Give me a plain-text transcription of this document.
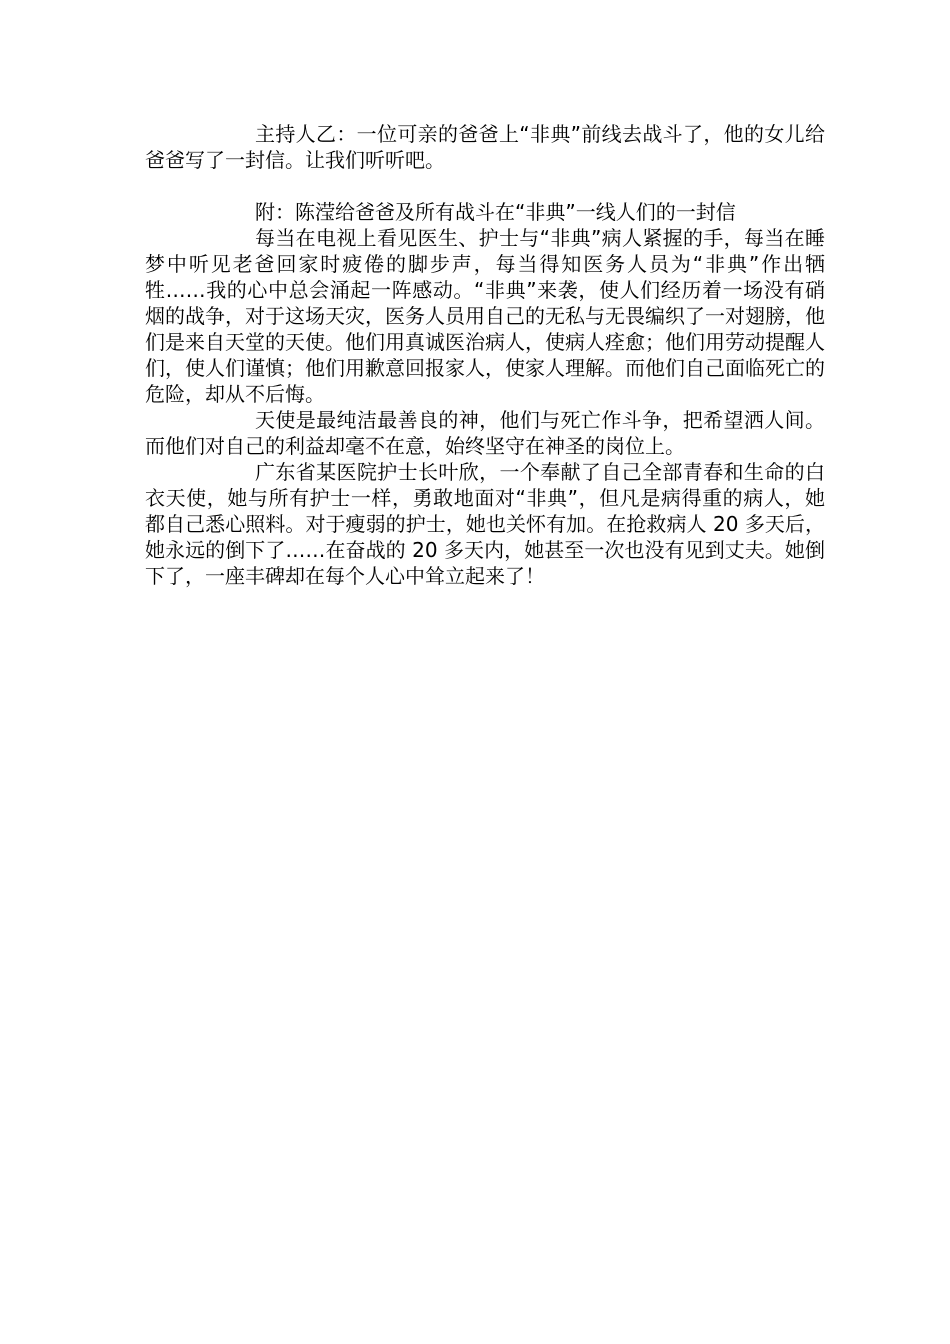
主持人乙：一位可亲的爸爸上“非典”前线去战斗了，他的女儿给爸爸写了一封信。让我们听听吧。

附：陈滢给爸爸及所有战斗在“非典”一线人们的一封信

每当在电视上看见医生、护士与“非典”病人紧握的手，每当在睡梦中听见老爸回家时疲倦的脚步声，每当得知医务人员为“非典”作出牺牲……我的心中总会涌起一阵感动。“非典”来袭，使人们经历着一场没有硝烟的战争，对于这场天灾，医务人员用自己的无私与无畏编织了一对翅膀，他们是来自天堂的天使。他们用真诚医治病人，使病人痊愈；他们用劳动提醒人们，使人们谨慎；他们用歉意回报家人，使家人理解。而他们自己面临死亡的危险，却从不后悔。

天使是最纯洁最善良的神，他们与死亡作斗争，把希望洒人间。而他们对自己的利益却毫不在意，始终坚守在神圣的岗位上。

广东省某医院护士长叶欣，一个奉献了自己全部青春和生命的白衣天使，她与所有护士一样，勇敢地面对“非典”，但凡是病得重的病人，她都自己悉心照料。对于瘦弱的护士，她也关怀有加。在抢救病人 20 多天后，她永远的倒下了……在奋战的 20 多天内，她甚至一次也没有见到丈夫。她倒下了，一座丰碑却在每个人心中耸立起来了！
